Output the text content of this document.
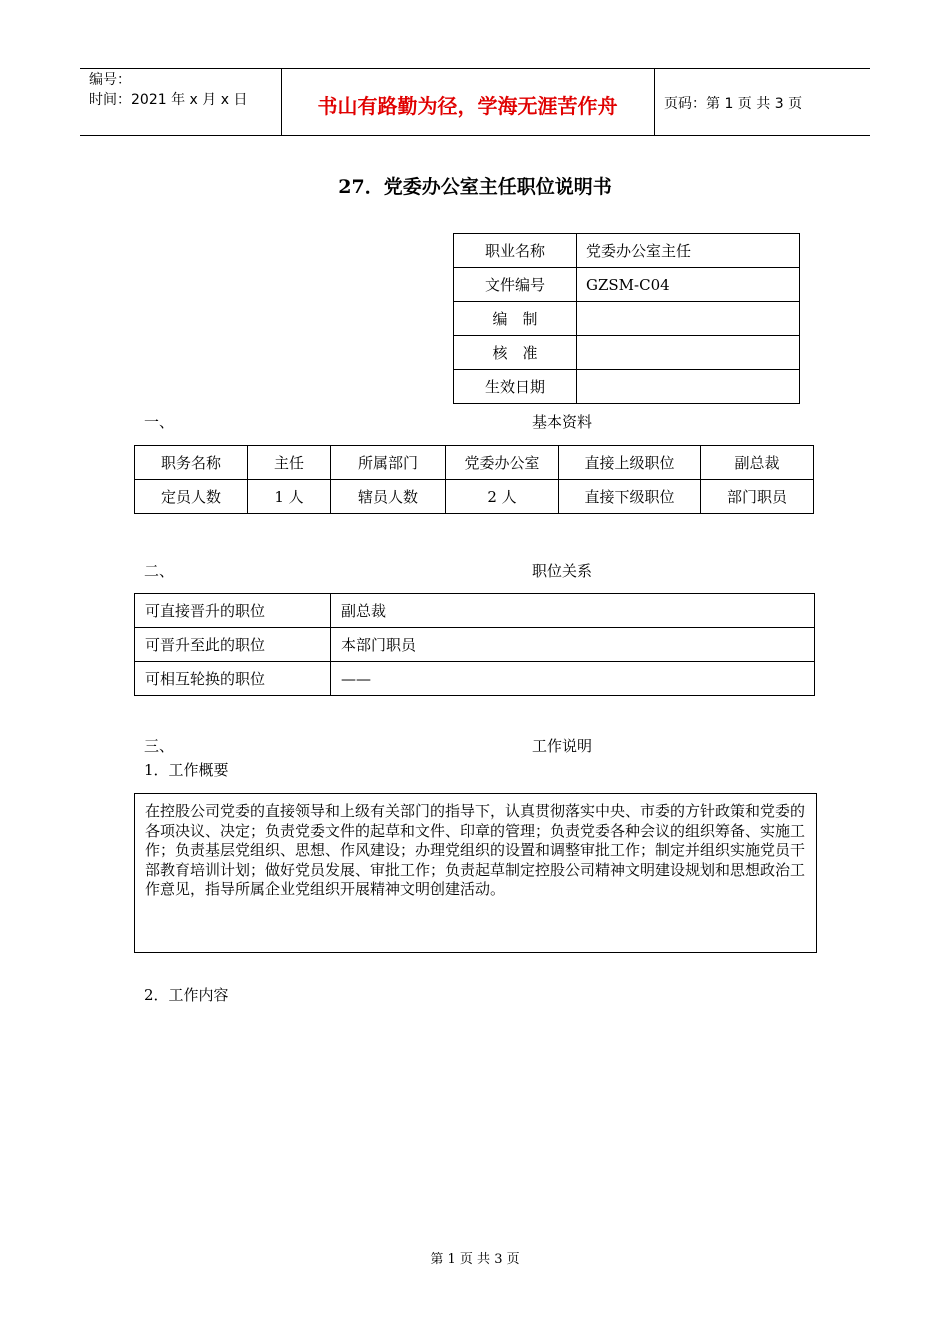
编号：
时间：2021 年 x 月 x 日	书山有路勤为径，学海无涯苦作舟	页码：第 1 页 共 3 页
27．党委办公室主任职位说明书
职业名称	党委办公室主任
文件编号	GZSM-C04
编　制	
核　准	
生效日期	
一、	基本资料
职务名称	主任	所属部门	党委办公室	直接上级职位	副总裁
定员人数	1 人	辖员人数	2 人	直接下级职位	部门职员
二、	职位关系
可直接晋升的职位	副总裁
可晋升至此的职位	本部门职员
可相互轮换的职位	——
三、	工作说明
1．工作概要
在控股公司党委的直接领导和上级有关部门的指导下，认真贯彻落实中央、市委的方针政策和党委的各项决议、决定；负责党委文件的起草和文件、印章的管理；负责党委各种会议的组织筹备、实施工作；负责基层党组织、思想、作风建设；办理党组织的设置和调整审批工作；制定并组织实施党员干部教育培训计划；做好党员发展、审批工作；负责起草制定控股公司精神文明建设规划和思想政治工作意见，指导所属企业党组织开展精神文明创建活动。
2．工作内容
第 1 页 共 3 页
